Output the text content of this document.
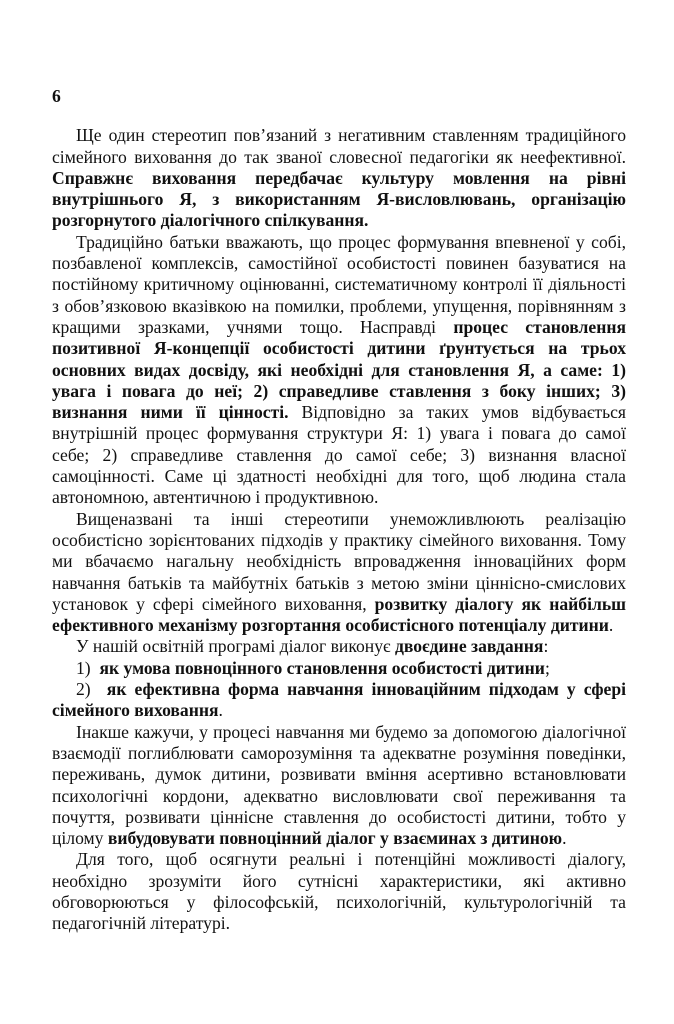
6

Ще один стереотип пов’язаний з негативним ставленням традиційного сімейного виховання до так званої словесної педагогіки як неефективної. Справжнє виховання передбачає культуру мовлення на рівні внутрішнього Я, з використанням Я-висловлювань, організацію розгорнутого діалогічного спілкування.

Традиційно батьки вважають, що процес формування впевненої у собі, позбавленої комплексів, самостійної особистості повинен базуватися на постійному критичному оцінюванні, систематичному контролі її діяльності з обов’язковою вказівкою на помилки, проблеми, упущення, порівнянням з кращими зразками, учнями тощо. Насправді процес становлення позитивної Я-концепції особистості дитини ґрунтується на трьох основних видах досвіду, які необхідні для становлення Я, а саме: 1) увага і повага до неї; 2) справедливе ставлення з боку інших; 3) визнання ними її цінності. Відповідно за таких умов відбувається внутрішній процес формування структури Я: 1) увага і повага до самої себе; 2) справедливе ставлення до самої себе; 3) визнання власної самоцінності. Саме ці здатності необхідні для того, щоб людина стала автономною, автентичною і продуктивною.

Вищеназвані та інші стереотипи унеможливлюють реалізацію особистісно зорієнтованих підходів у практику сімейного виховання. Тому ми вбачаємо нагальну необхідність впровадження інноваційних форм навчання батьків та майбутніх батьків з метою зміни ціннісно-смислових установок у сфері сімейного виховання, розвитку діалогу як найбільш ефективного механізму розгортання особистісного потенціалу дитини.

У нашій освітній програмі діалог виконує двоєдине завдання:

1) як умова повноцінного становлення особистості дитини;

2) як ефективна форма навчання інноваційним підходам у сфері сімейного виховання.

Інакше кажучи, у процесі навчання ми будемо за допомогою діалогічної взаємодії поглиблювати саморозуміння та адекватне розуміння поведінки, переживань, думок дитини, розвивати вміння асертивно встановлювати психологічні кордони, адекватно висловлювати свої переживання та почуття, розвивати ціннісне ставлення до особистості дитини, тобто у цілому вибудовувати повноцінний діалог у взаєминах з дитиною.

Для того, щоб осягнути реальні і потенційні можливості діалогу, необхідно зрозуміти його сутнісні характеристики, які активно обговорюються у філософській, психологічній, культурологічній та педагогічній літературі.
